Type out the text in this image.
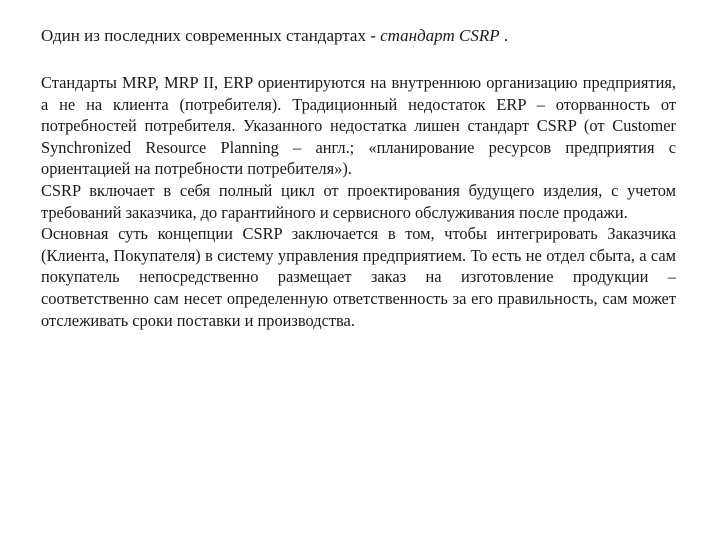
Один из последних современных стандартах - стандарт CSRP .

Стандарты MRP, MRP II, ERP ориентируются на внутреннюю организацию предприятия, а не на клиента (потребителя). Традиционный недостаток ERP – оторванность от потребностей потребителя. Указанного недостатка лишен стандарт CSRP (от Customer Synchronized Resource Planning – англ.; «планирование ресурсов предприятия с ориентацией на потребности потребителя»).

CSRP включает в себя полный цикл от проектирования будущего изделия, с учетом требований заказчика, до гарантийного и сервисного обслуживания после продажи.

Основная суть концепции CSRP заключается в том, чтобы интегрировать Заказчика (Клиента, Покупателя) в систему управления предприятием. То есть не отдел сбыта, а сам покупатель непосредственно размещает заказ на изготовление продукции – соответственно сам несет определенную ответственность за его правильность, сам может отслеживать сроки поставки и производства.
